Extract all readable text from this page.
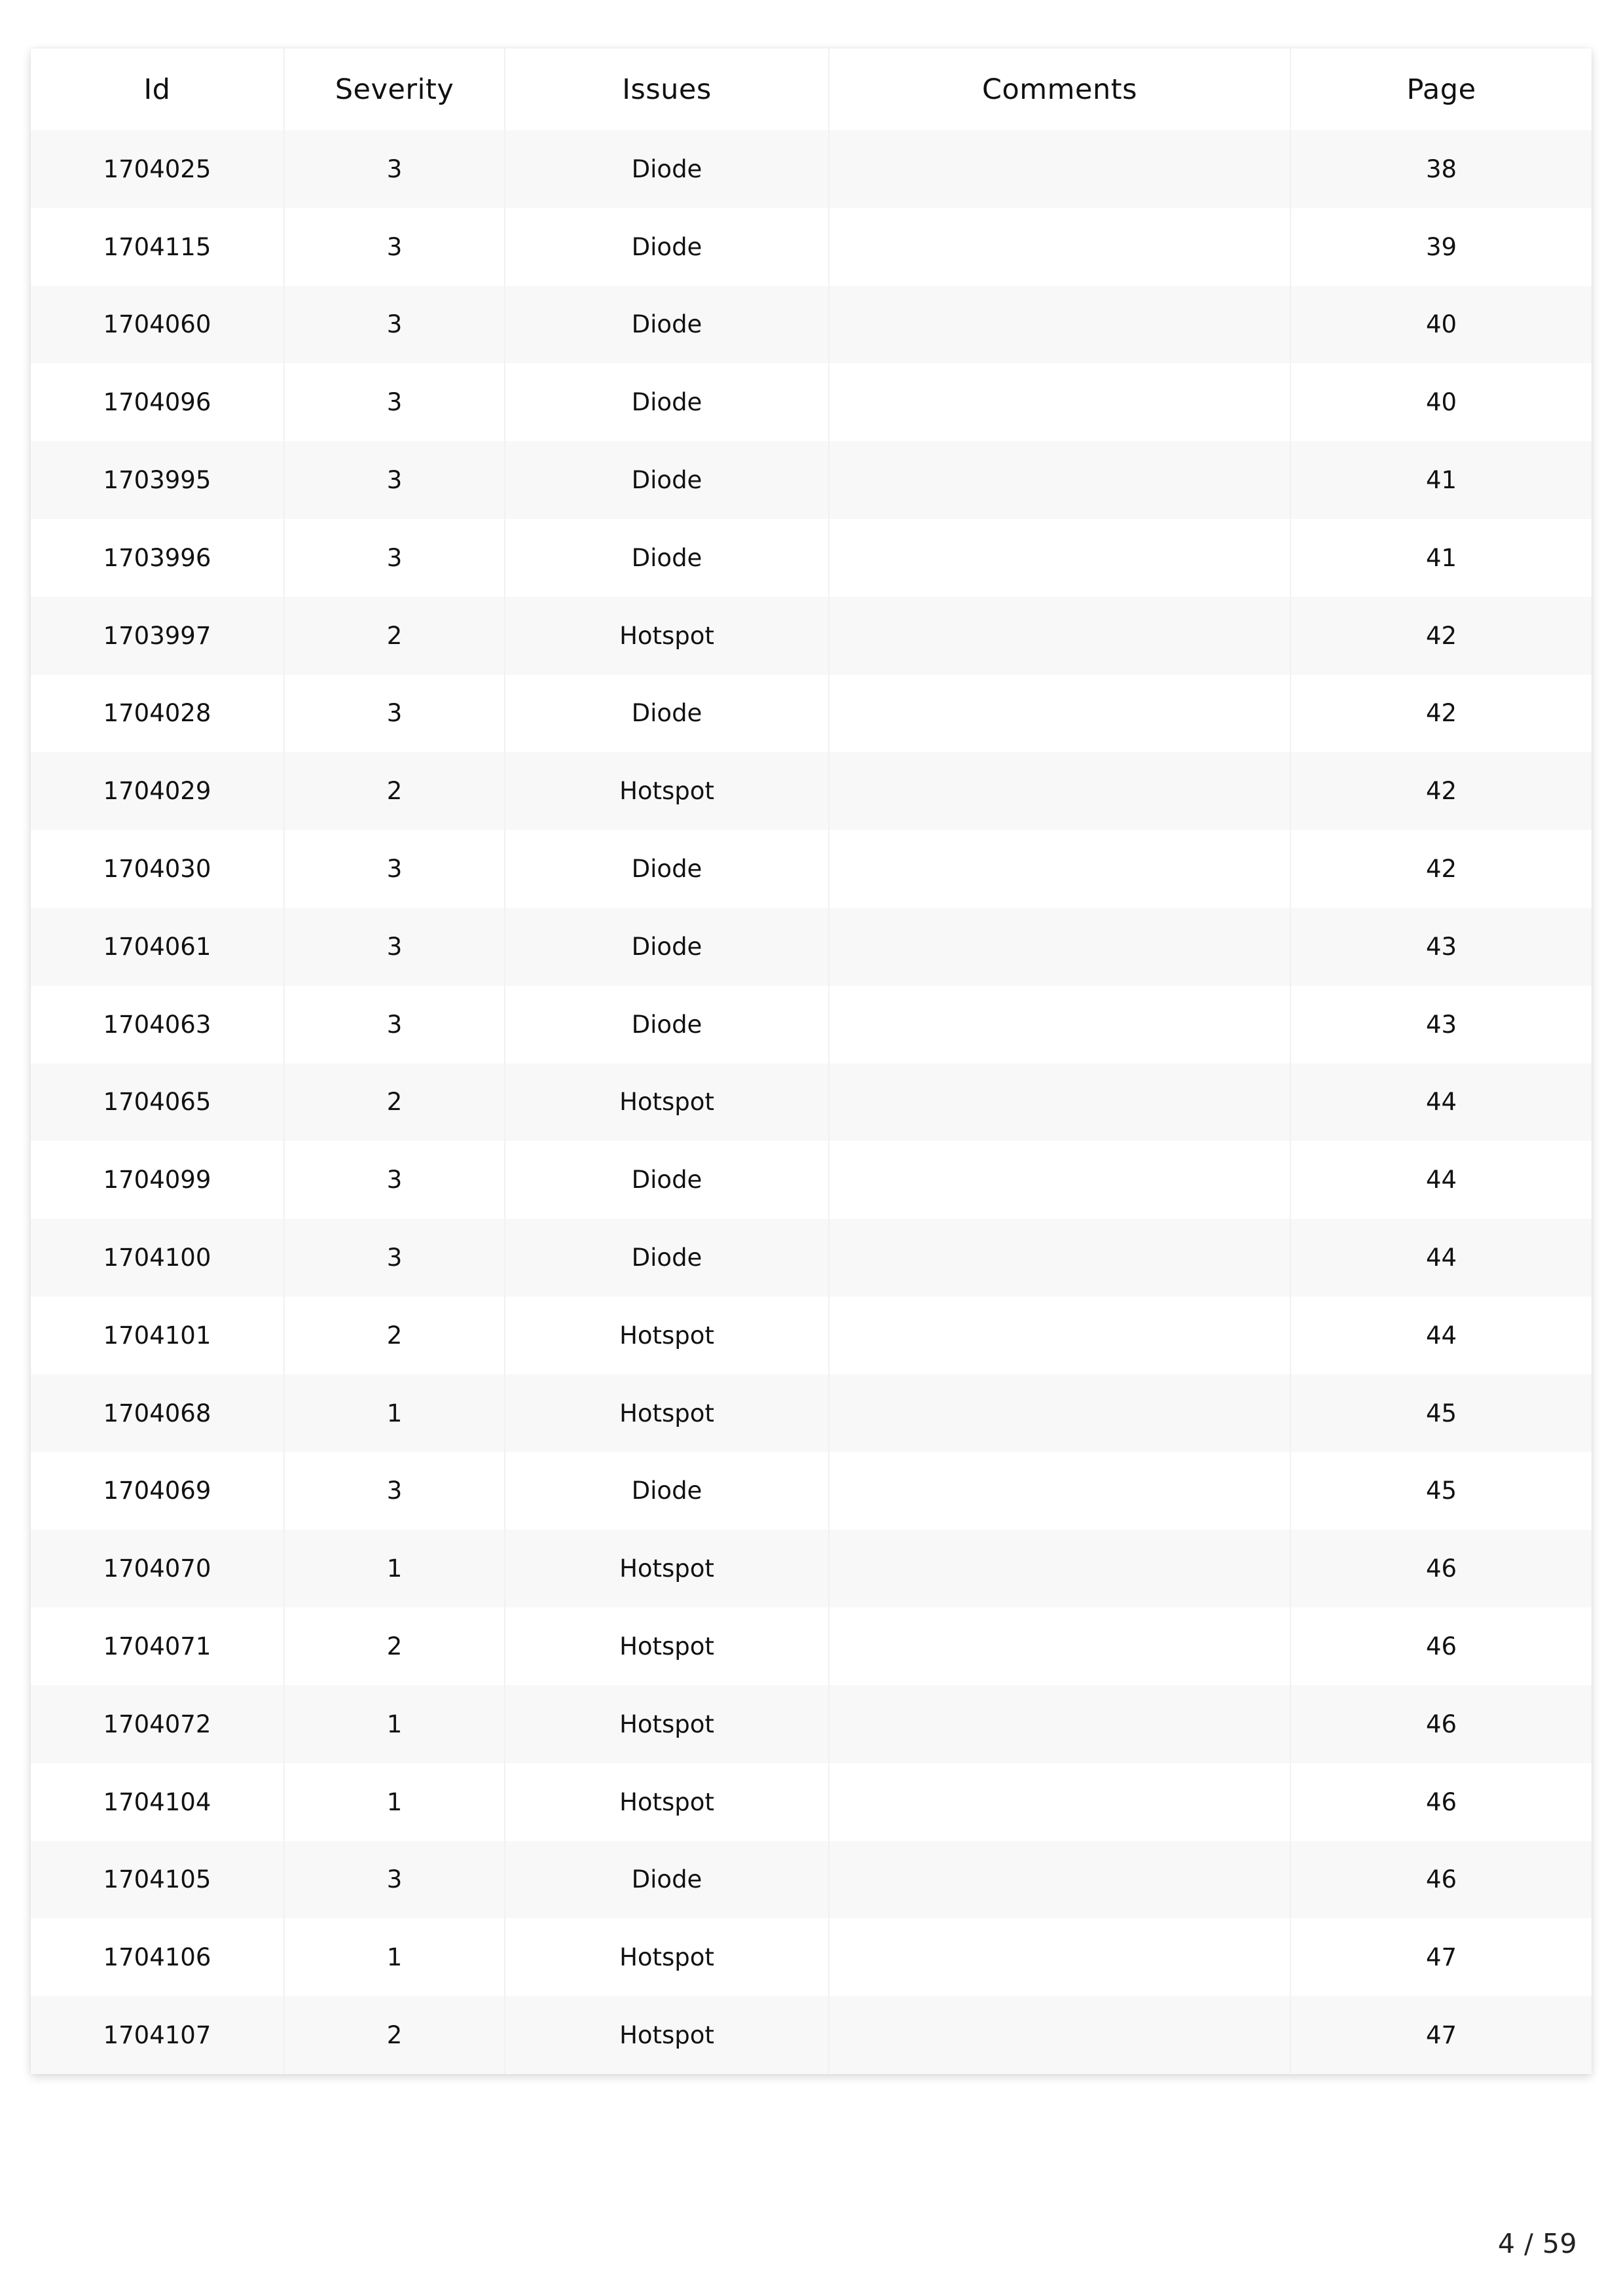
Id	Severity	Issues	Comments	Page
1704025	3	Diode		38
1704115	3	Diode		39
1704060	3	Diode		40
1704096	3	Diode		40
1703995	3	Diode		41
1703996	3	Diode		41
1703997	2	Hotspot		42
1704028	3	Diode		42
1704029	2	Hotspot		42
1704030	3	Diode		42
1704061	3	Diode		43
1704063	3	Diode		43
1704065	2	Hotspot		44
1704099	3	Diode		44
1704100	3	Diode		44
1704101	2	Hotspot		44
1704068	1	Hotspot		45
1704069	3	Diode		45
1704070	1	Hotspot		46
1704071	2	Hotspot		46
1704072	1	Hotspot		46
1704104	1	Hotspot		46
1704105	3	Diode		46
1704106	1	Hotspot		47
1704107	2	Hotspot		47
4 / 59
